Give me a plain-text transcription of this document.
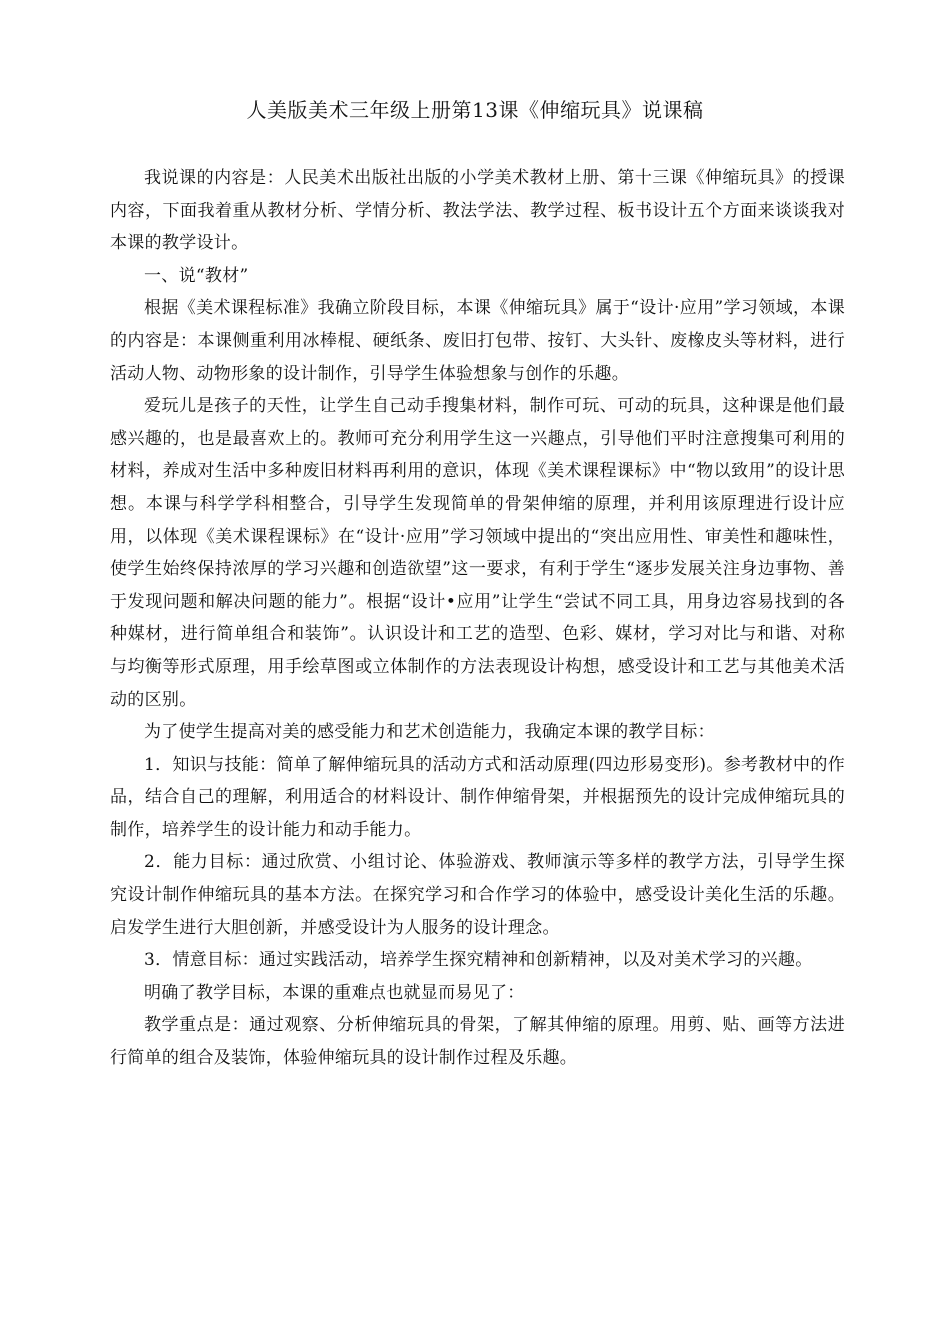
人美版美术三年级上册第13课《伸缩玩具》说课稿

我说课的内容是：人民美术出版社出版的小学美术教材上册、第十三课《伸缩玩具》的授课内容，下面我着重从教材分析、学情分析、教法学法、教学过程、板书设计五个方面来谈谈我对本课的教学设计。

一、说“教材”

根据《美术课程标准》我确立阶段目标，本课《伸缩玩具》属于“设计·应用”学习领域，本课的内容是：本课侧重利用冰棒棍、硬纸条、废旧打包带、按钉、大头针、废橡皮头等材料，进行活动人物、动物形象的设计制作，引导学生体验想象与创作的乐趣。

爱玩儿是孩子的天性，让学生自己动手搜集材料，制作可玩、可动的玩具，这种课是他们最感兴趣的，也是最喜欢上的。教师可充分利用学生这一兴趣点，引导他们平时注意搜集可利用的材料，养成对生活中多种废旧材料再利用的意识，体现《美术课程课标》中“物以致用”的设计思想。本课与科学学科相整合，引导学生发现简单的骨架伸缩的原理，并利用该原理进行设计应用，以体现《美术课程课标》在“设计·应用”学习领域中提出的“突出应用性、审美性和趣味性，使学生始终保持浓厚的学习兴趣和创造欲望”这一要求，有利于学生“逐步发展关注身边事物、善于发现问题和解决问题的能力”。根据“设计•应用”让学生“尝试不同工具，用身边容易找到的各种媒材，进行简单组合和装饰”。认识设计和工艺的造型、色彩、媒材，学习对比与和谐、对称与均衡等形式原理，用手绘草图或立体制作的方法表现设计构想，感受设计和工艺与其他美术活动的区别。

为了使学生提高对美的感受能力和艺术创造能力，我确定本课的教学目标：

1．知识与技能：简单了解伸缩玩具的活动方式和活动原理(四边形易变形)。参考教材中的作品，结合自己的理解，利用适合的材料设计、制作伸缩骨架，并根据预先的设计完成伸缩玩具的制作，培养学生的设计能力和动手能力。

2．能力目标：通过欣赏、小组讨论、体验游戏、教师演示等多样的教学方法，引导学生探究设计制作伸缩玩具的基本方法。在探究学习和合作学习的体验中，感受设计美化生活的乐趣。启发学生进行大胆创新，并感受设计为人服务的设计理念。

3．情意目标：通过实践活动，培养学生探究精神和创新精神，以及对美术学习的兴趣。

明确了教学目标，本课的重难点也就显而易见了：

教学重点是：通过观察、分析伸缩玩具的骨架，了解其伸缩的原理。用剪、贴、画等方法进行简单的组合及装饰，体验伸缩玩具的设计制作过程及乐趣。
